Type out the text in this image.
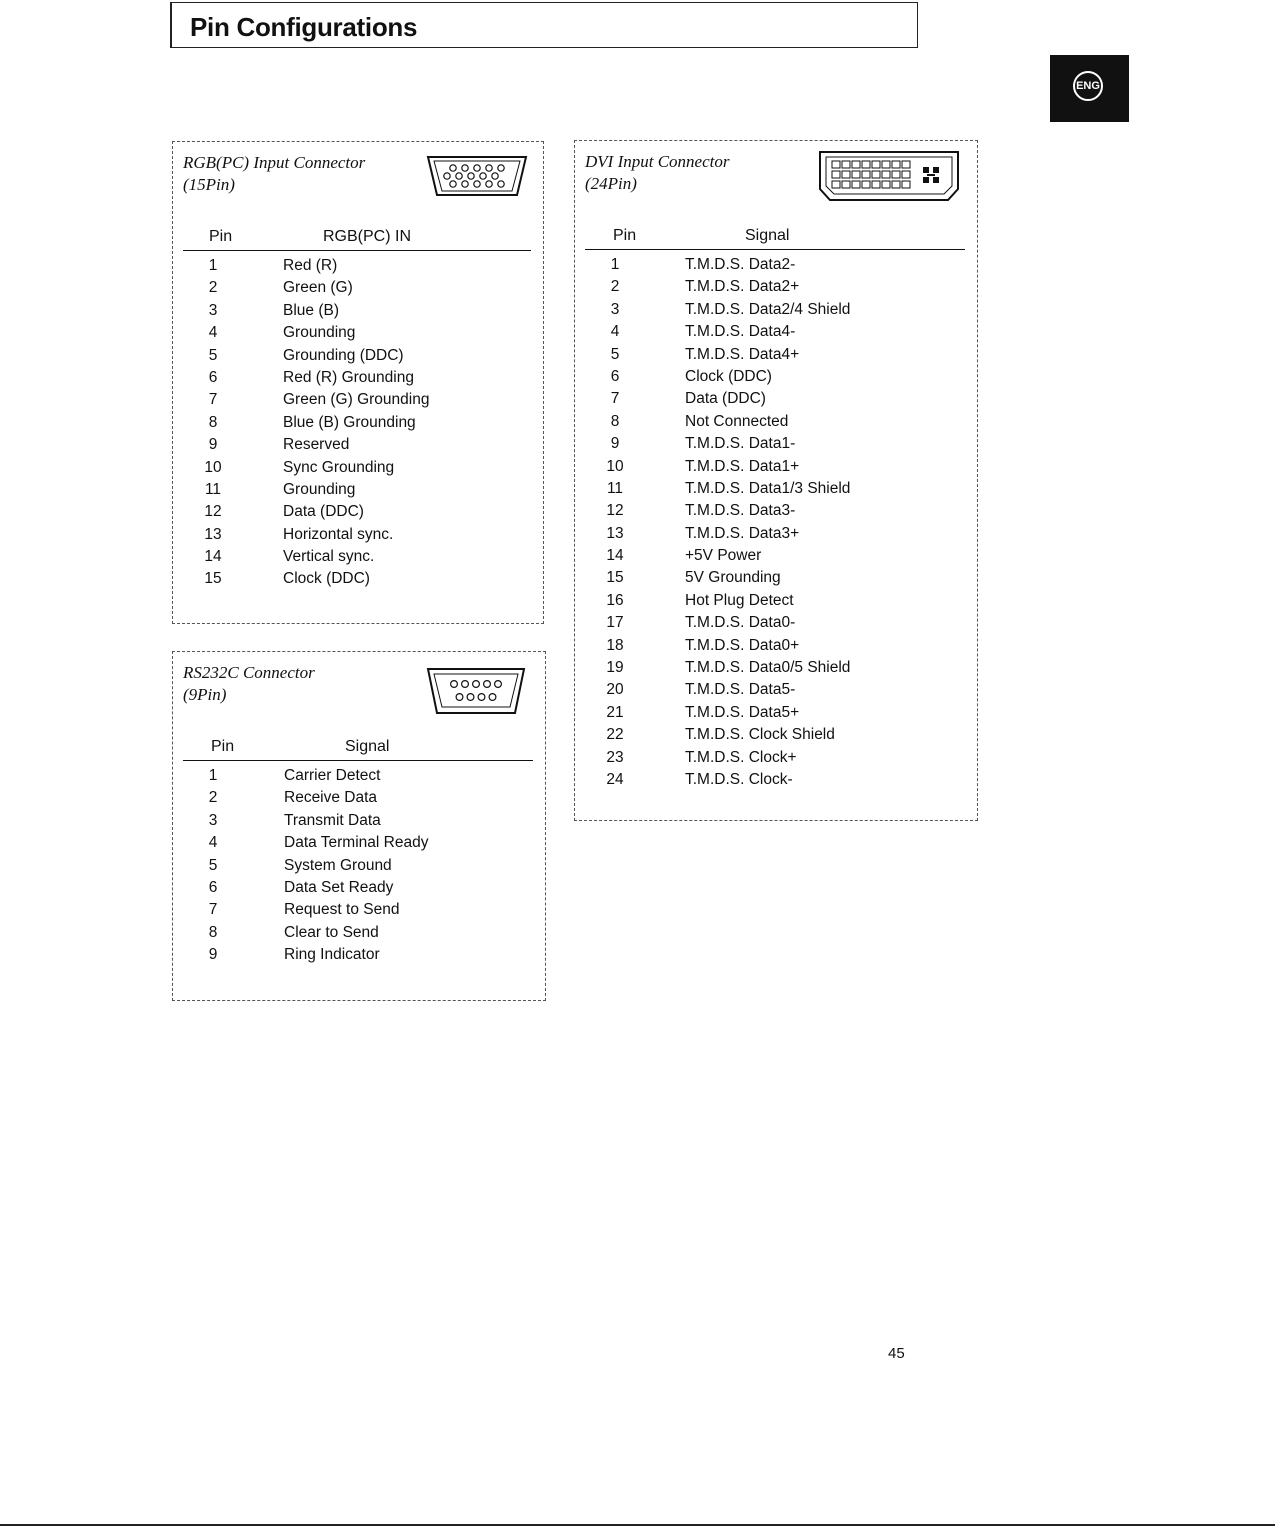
Pin Configurations
ENG
RGB(PC) Input Connector
(15Pin)
Pin	RGB(PC) IN
1	Red (R)
2	Green (G)
3	Blue (B)
4	Grounding
5	Grounding (DDC)
6	Red (R) Grounding
7	Green (G) Grounding
8	Blue (B) Grounding
9	Reserved
10	Sync Grounding
11	Grounding
12	Data (DDC)
13	Horizontal sync.
14	Vertical sync.
15	Clock (DDC)
RS232C Connector
(9Pin)
Pin	Signal
1	Carrier Detect
2	Receive Data
3	Transmit Data
4	Data Terminal Ready
5	System Ground
6	Data Set Ready
7	Request to Send
8	Clear to Send
9	Ring Indicator
DVI Input Connector
(24Pin)
Pin	Signal
1	T.M.D.S. Data2-
2	T.M.D.S. Data2+
3	T.M.D.S. Data2/4 Shield
4	T.M.D.S. Data4-
5	T.M.D.S. Data4+
6	Clock (DDC)
7	Data (DDC)
8	Not Connected
9	T.M.D.S. Data1-
10	T.M.D.S. Data1+
11	T.M.D.S. Data1/3 Shield
12	T.M.D.S. Data3-
13	T.M.D.S. Data3+
14	+5V Power
15	5V Grounding
16	Hot Plug Detect
17	T.M.D.S. Data0-
18	T.M.D.S. Data0+
19	T.M.D.S. Data0/5 Shield
20	T.M.D.S. Data5-
21	T.M.D.S. Data5+
22	T.M.D.S. Clock Shield
23	T.M.D.S. Clock+
24	T.M.D.S. Clock-
45
